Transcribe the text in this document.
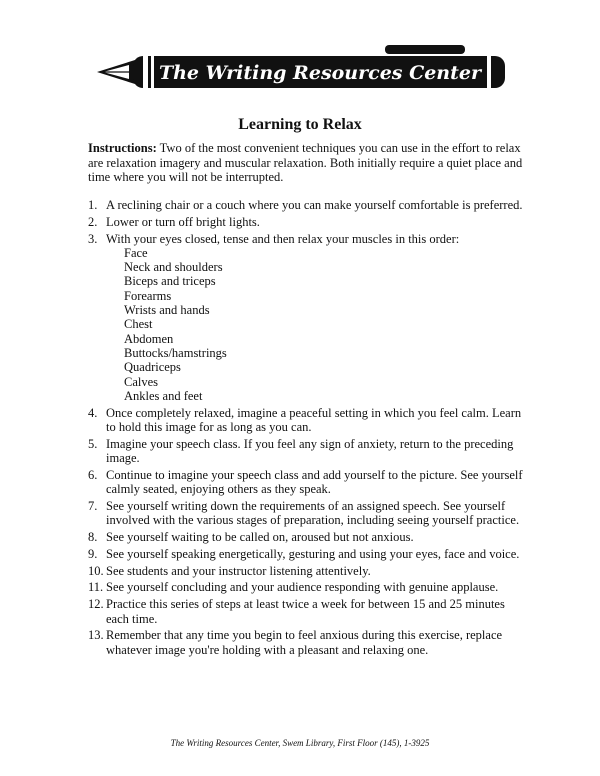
The Writing Resources Center
Learning to Relax
Instructions: Two of the most convenient techniques you can use in the effort to relax are relaxation imagery and muscular relaxation. Both initially require a quiet place and time where you will not be interrupted.
1. A reclining chair or a couch where you can make yourself comfortable is preferred.
2. Lower or turn off bright lights.
3. With your eyes closed, tense and then relax your muscles in this order:
Face
Neck and shoulders
Biceps and triceps
Forearms
Wrists and hands
Chest
Abdomen
Buttocks/hamstrings
Quadriceps
Calves
Ankles and feet
4. Once completely relaxed, imagine a peaceful setting in which you feel calm. Learn to hold this image for as long as you can.
5. Imagine your speech class. If you feel any sign of anxiety, return to the preceding image.
6. Continue to imagine your speech class and add yourself to the picture. See yourself calmly seated, enjoying others as they speak.
7. See yourself writing down the requirements of an assigned speech. See yourself involved with the various stages of preparation, including seeing yourself practice.
8. See yourself waiting to be called on, aroused but not anxious.
9. See yourself speaking energetically, gesturing and using your eyes, face and voice.
10. See students and your instructor listening attentively.
11. See yourself concluding and your audience responding with genuine applause.
12. Practice this series of steps at least twice a week for between 15 and 25 minutes each time.
13. Remember that any time you begin to feel anxious during this exercise, replace whatever image you're holding with a pleasant and relaxing one.
The Writing Resources Center, Swem Library, First Floor (145), 1-3925
